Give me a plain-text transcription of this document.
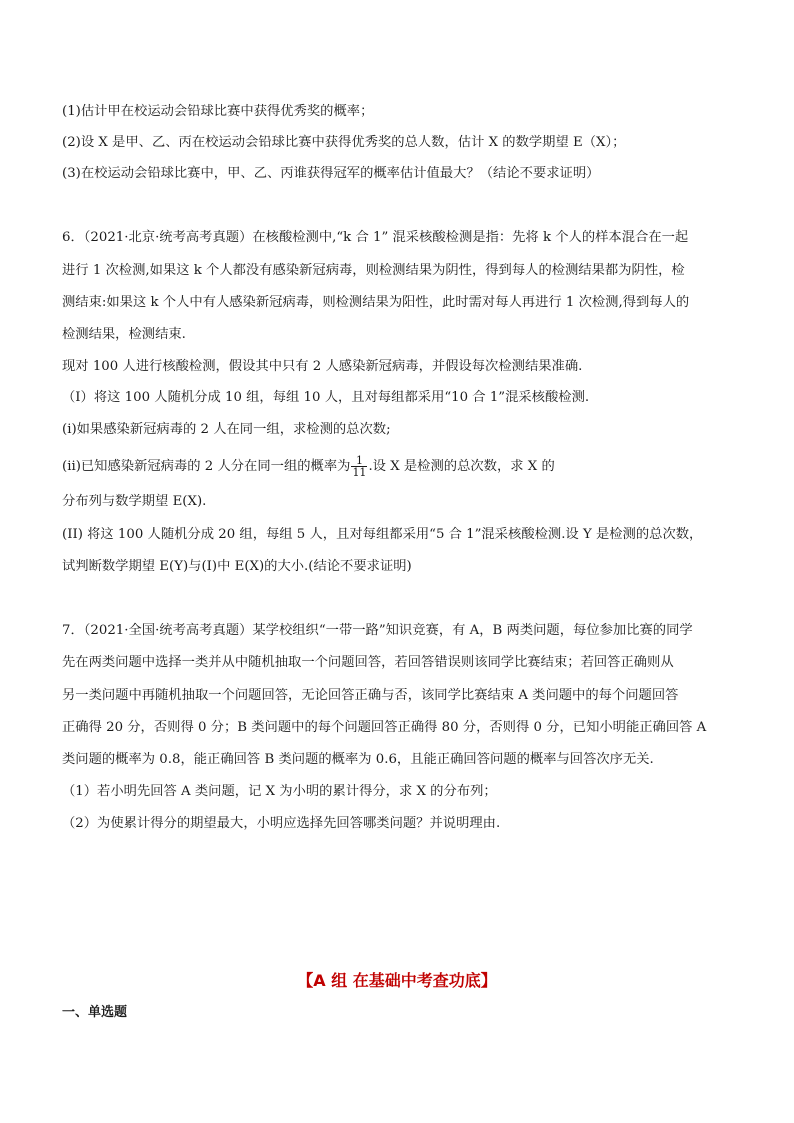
(1)估计甲在校运动会铅球比赛中获得优秀奖的概率；
(2)设 X 是甲、乙、丙在校运动会铅球比赛中获得优秀奖的总人数，估计 X 的数学期望 E（X）；
(3)在校运动会铅球比赛中，甲、乙、丙谁获得冠军的概率估计值最大？（结论不要求证明）
6．（2021·北京·统考高考真题）在核酸检测中,“k 合 1” 混采核酸检测是指：先将 k 个人的样本混合在一起
进行 1 次检测,如果这 k 个人都没有感染新冠病毒，则检测结果为阴性，得到每人的检测结果都为阴性，检
测结束:如果这 k 个人中有人感染新冠病毒，则检测结果为阳性，此时需对每人再进行 1 次检测,得到每人的
检测结果，检测结束.
现对 100 人进行核酸检测，假设其中只有 2 人感染新冠病毒，并假设每次检测结果准确.
（I）将这 100 人随机分成 10 组，每组 10 人，且对每组都采用“10 合 1”混采核酸检测.
(i)如果感染新冠病毒的 2 人在同一组，求检测的总次数;
(ii)已知感染新冠病毒的 2 人分在同一组的概率为 $\frac{1}{11}$ .设 X 是检测的总次数，求 X 的
分布列与数学期望 E(X).
(II) 将这 100 人随机分成 20 组，每组 5 人，且对每组都采用“5 合 1”混采核酸检测.设 Y 是检测的总次数，
试判断数学期望 E(Y)与(I)中 E(X)的大小.(结论不要求证明)
7．（2021·全国·统考高考真题）某学校组织“一带一路”知识竞赛，有 A，B 两类问题，每位参加比赛的同学
先在两类问题中选择一类并从中随机抽取一个问题回答，若回答错误则该同学比赛结束；若回答正确则从
另一类问题中再随机抽取一个问题回答，无论回答正确与否，该同学比赛结束 A 类问题中的每个问题回答
正确得 20 分，否则得 0 分；B 类问题中的每个问题回答正确得 80 分，否则得 0 分，已知小明能正确回答 A
类问题的概率为 0.8，能正确回答 B 类问题的概率为 0.6，且能正确回答问题的概率与回答次序无关.
（1）若小明先回答 A 类问题，记 X 为小明的累计得分，求 X 的分布列；
（2）为使累计得分的期望最大，小明应选择先回答哪类问题？并说明理由.
【A 组 在基础中考查功底】
一、单选题
